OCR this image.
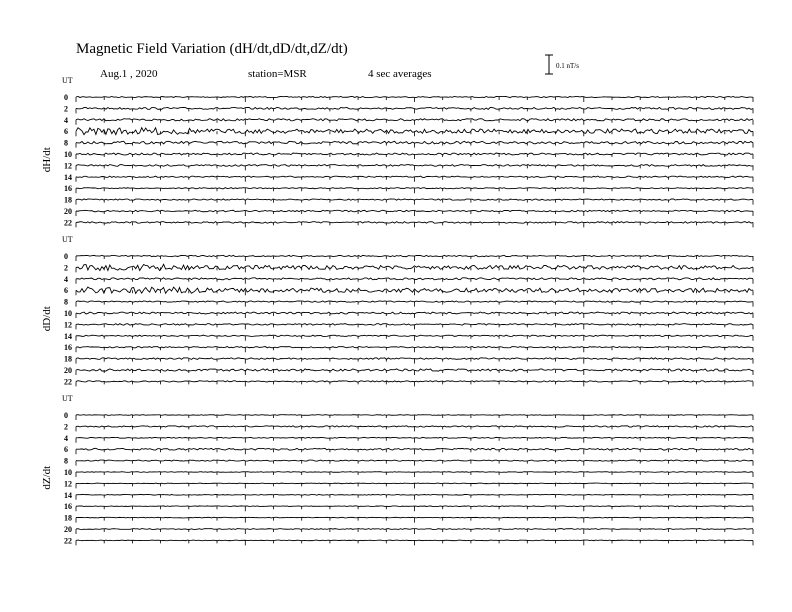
Magnetic Field Variation (dH/dt,dD/dt,dZ/dt)
Aug.1 , 2020	station=MSR	4 sec averages
0.1 nT/s
UT
dH/dt
0
2
4
6
8
10
12
14
16
18
20
22
UT
dD/dt
0
2
4
6
8
10
12
14
16
18
20
22
UT
dZ/dt
0
2
4
6
8
10
12
14
16
18
20
22
